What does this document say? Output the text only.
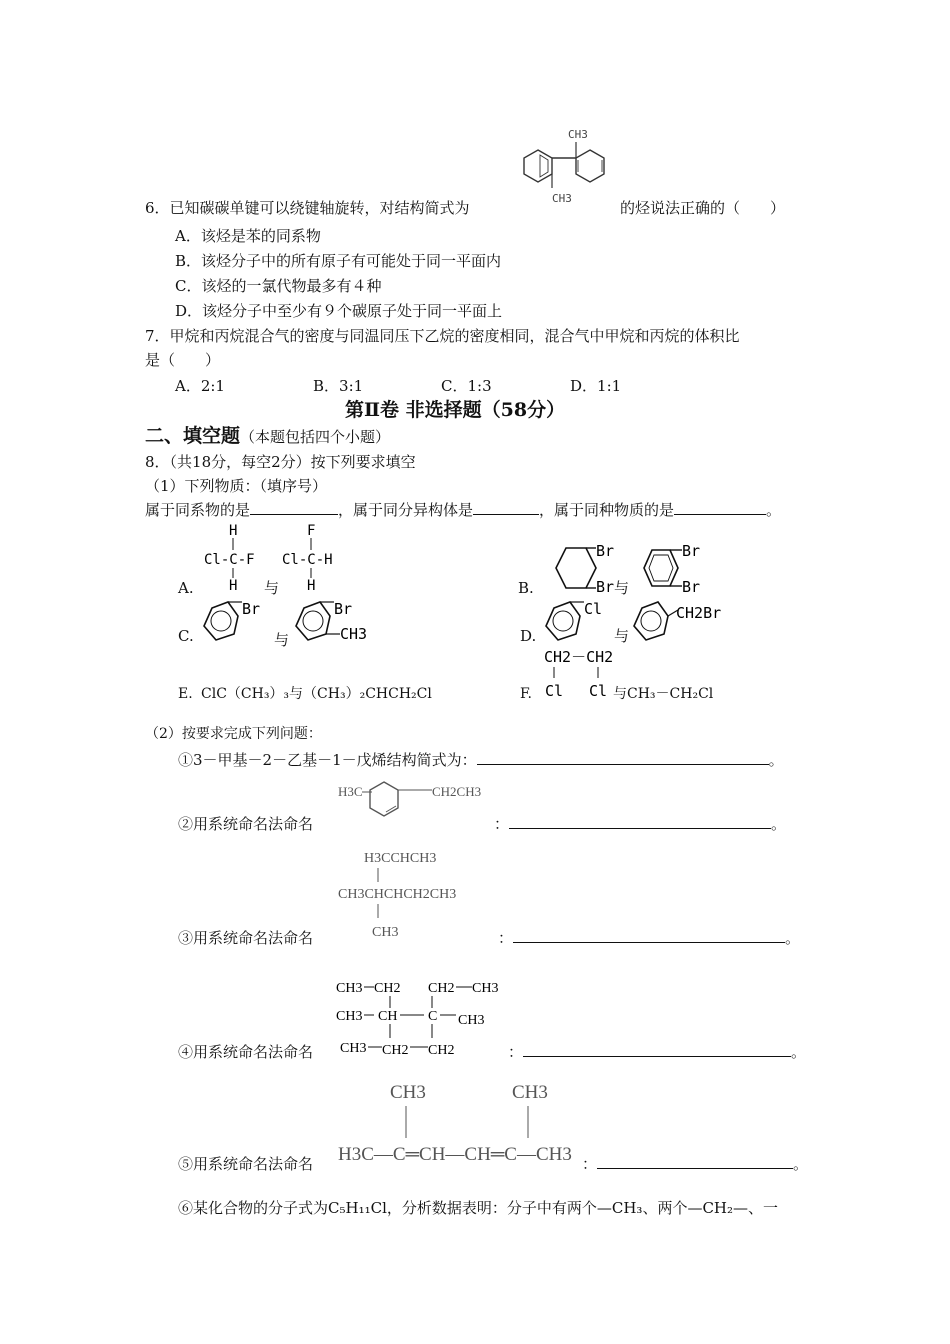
CH3
CH3
6．已知碳碳单键可以绕键轴旋转，对结构简式为	的烃说法正确的（　　）
A．该烃是苯的同系物
B．该烃分子中的所有原子有可能处于同一平面内
C．该烃的一氯代物最多有４种
D．该烃分子中至少有９个碳原子处于同一平面上
7．甲烷和丙烷混合气的密度与同温同压下乙烷的密度相同，混合气中甲烷和丙烷的体积比
是（　　）
A．2:1	B．3:1	C．1:3	D．1:1
第Ⅱ卷 非选择题（58分）
二、填空题（本题包括四个小题）
8．（共18分，每空2分）按下列要求填空
（1）下列物质：（填序号）
属于同系物的是	，属于同分异构体是	，属于同种物质的是	。
A.
H
Cl-C-F
H 与
F
Cl-C-H
H	B.
Br
Br 与
Br
Br
C.
Br
与
Br
CH3	D.
Cl
与
CH2Br
E. ClC（CH₃）₃与（CH₃）₂CHCH₂Cl	F.
CH2－CH2
Cl Cl 与CH₃－CH₂Cl
（2）按要求完成下列问题：
①3－甲基－2－乙基－1－戊烯结构简式为：	。
H3C	CH2CH3
②用系统命名法命名	：	。
H3CCHCH3
CH3CHCHCH2CH3
CH3
③用系统命名法命名	：	。
CH3 CH2 CH2 CH3
CH3 CH C CH3
CH3 CH2 CH2
④用系统命名法命名	：	。
CH3	CH3
H3C—C═CH—CH═C—CH3
⑤用系统命名法命名	：	。
⑥某化合物的分子式为C₅H₁₁Cl，分析数据表明：分子中有两个—CH₃、两个—CH₂—、一
